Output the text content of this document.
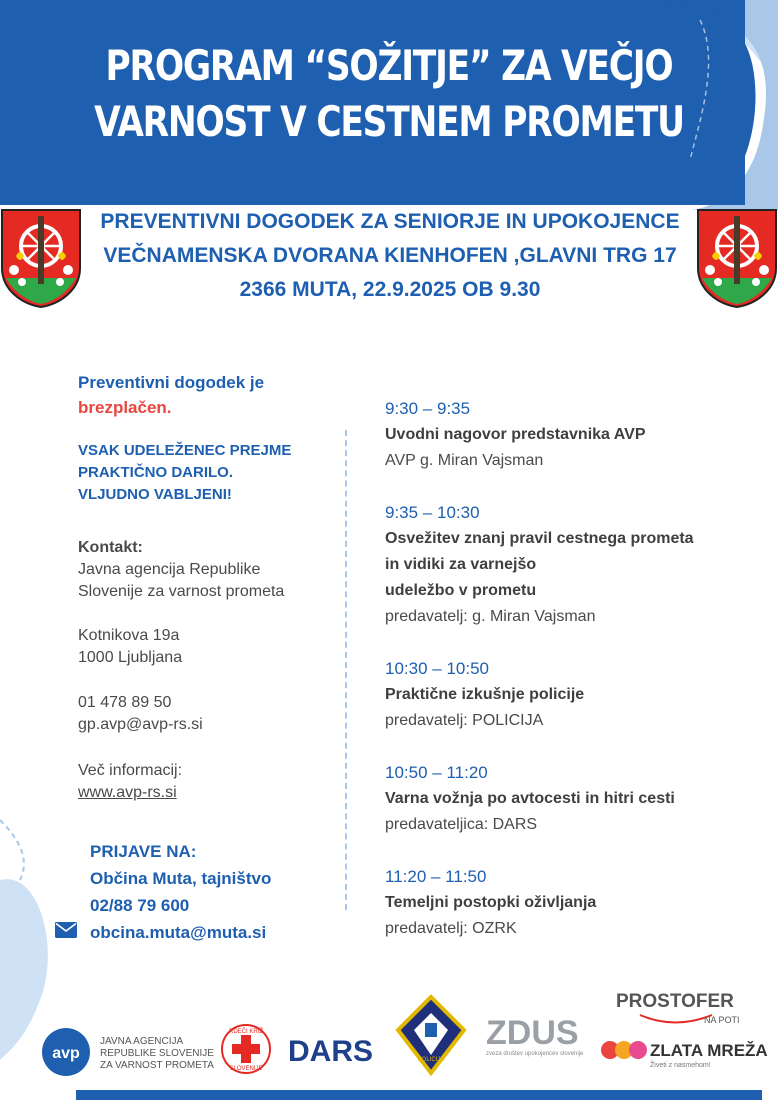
PROGRAM “SOŽITJE” ZA VEČJO
VARNOST V CESTNEM PROMETU
PREVENTIVNI DOGODEK ZA SENIORJE IN UPOKOJENCE
VEČNAMENSKA DVORANA KIENHOFEN ,GLAVNI TRG 17
2366 MUTA, 22.9.2025 OB 9.30
Preventivni dogodek je
brezplačen.
VSAK UDELEŽENEC PREJME
PRAKTIČNO DARILO.
VLJUDNO VABLJENI!
Kontakt:
Javna agencija Republike
Slovenije za varnost prometa
Kotnikova 19a
1000 Ljubljana
01 478 89 50
gp.avp@avp-rs.si
Več informacij:
www.avp-rs.si
PRIJAVE NA:
Občina Muta, tajništvo
02/88 79 600
obcina.muta@muta.si
9:30 – 9:35
Uvodni nagovor predstavnika AVP
AVP g. Miran Vajsman
9:35 – 10:30
Osvežitev znanj pravil cestnega prometa
in vidiki za varnejšo
udeležbo v prometu
predavatelj: g. Miran Vajsman
10:30 – 10:50
Praktične izkušnje policije
predavatelj: POLICIJA
10:50 – 11:20
Varna vožnja po avtocesti in hitri cesti
predavateljica: DARS
11:20 – 11:50
Temeljni postopki oživljanja
predavatelj: OZRK
avp
JAVNA AGENCIJA
REPUBLIKE SLOVENIJE
ZA VARNOST PROMETA
RDEČI KRIŽ
SLOVENIJE
DARS	POLICIJA
ZDUS
zveza društev upokojencev slovenije
PROSTOFER
NA POTI
ZLATA MREŽA
Živeti z nasmehom!
